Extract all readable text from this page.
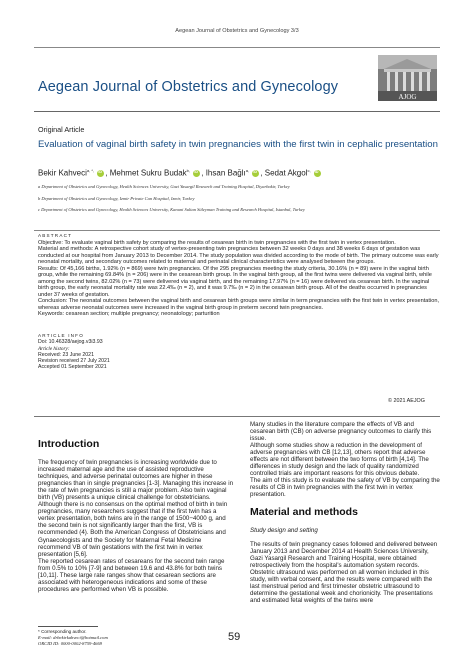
Aegean Journal of Obstetrics and Gynecology 3/3
Aegean Journal of Obstetrics and Gynecology
AJOG
Original Article
Evaluation of vaginal birth safety in twin pregnancies with the first twin in cephalic presentation
Bekir Kahveci$^{a, *,}$ iD , Mehmet Sukru Budak$^{b,}$ iD , Ihsan Bağlı$^{a,}$ iD , Sedat Akgol$^{c,}$ iD
a Department of Obstetrics and Gynecology, Health Sciences University, Gazi Yasargil Research and Training Hospital, Diyarbakir, Turkey
b Department of Obstetrics and Gynecology, Izmir Private Can Hospital, Izmir, Turkey
c Department of Obstetrics and Gynecology, Health Sciences University, Kanuni Sultan Süleyman Training and Research Hospital, Istanbul, Turkey
ABSTRACT

Objective: To evaluate vaginal birth safety by comparing the results of cesarean birth in twin pregnancies with the first twin in vertex presentation.

Material and methods: A retrospective cohort study of vertex-presenting twin pregnancies between 32 weeks 0 days and 38 weeks 6 days of gestation was conducted at our hospital from January 2013 to December 2014. The study population was divided according to the mode of birth. The primary outcome was early neonatal mortality, and secondary outcomes related to maternal and perinatal clinical characteristics were analysed between the groups.

Results: Of 45,166 births, 1.92% (n = 869) were twin pregnancies. Of the 295 pregnancies meeting the study criteria, 30.16% (n = 89) were in the vaginal birth group, while the remaining 69.84% (n = 206) were in the cesarean birth group. In the vaginal birth group, all the first twins were delivered via vaginal birth, while among the second twins, 82.02% (n = 73) were delivered via vaginal birth, and the remaining 17.97% (n = 16) were delivered via cesarean birth. In the vaginal birth group, the early neonatal mortality rate was 22.4‰ (n = 2), and it was 9.7‰ (n = 2) in the cesarean birth group. All of the deaths occurred in pregnancies under 37 weeks of gestation.

Conclusion: The neonatal outcomes between the vaginal birth and cesarean birth groups were similar in term pregnancies with the first twin in vertex presentation, whereas adverse neonatal outcomes were increased in the vaginal birth group in preterm second twin pregnancies.

Keywords: cesarean section; multiple pregnancy; neonatology; parturition

ARTICLE INFO
Doi: 10.46328/aejog.v3i3.93
Article history:
Received: 23 June 2021
Revision received 27 July 2021
Accepted 01 September 2021
© 2021 AEJOG
Introduction

The frequency of twin pregnancies is increasing worldwide due to increased maternal age and the use of assisted reproductive techniques, and adverse perinatal outcomes are higher in these pregnancies than in single pregnancies [1-3]. Managing this increase in the rate of twin pregnancies is still a major problem. Also twin vaginal birth (VB) presents a unique clinical challenge for obstetricians. Although there is no consensus on the optimal method of birth in twin pregnancies, many researchers suggest that if the first twin has a vertex presentation, both twins are in the range of 1500−4000 g, and the second twin is not significantly larger than the first, VB is recommended (4). Both the American Congress of Obstetricians and Gynaecologists and the Society for Maternal Fetal Medicine recommend VB of twin gestations with the first twin in vertex presentation [5,6].

The reported cesarean rates of cesareans for the second twin range from 0.5% to 10% [7-9] and between 19.6 and 43.8% for both twins [10,11]. These large rate ranges show that cesarean sections are associated with heterogeneous indications and some of these procedures are performed when VB is possible.

Many studies in the literature compare the effects of VB and cesarean birth (CB) on adverse pregnancy outcomes to clarify this issue.

Although some studies show a reduction in the development of adverse pregnancies with CB [12,13], others report that adverse effects are not different between the two forms of birth [4,14]. The differences in study design and the lack of quality randomized controlled trials are important reasons for this obvious debate.

The aim of this study is to evaluate the safety of VB by comparing the results of CB in twin pregnancies with the first twin in vertex presentation.

Material and methods
Study design and setting

The results of twin pregnancy cases followed and delivered between January 2013 and December 2014 at Health Sciences University, Gazi Yasargil Research and Training Hospital, were obtained retrospectively from the hospital's automation system records. Obstetric ultrasound was performed on all women included in this study, with verbal consent, and the results were compared with the last menstrual period and first trimester obstetric ultrasound to determine the gestational week and chorionicity. The presentations and estimated fetal weights of the twins were

* Corresponding author.
E-mail: drbekirkahveci@hotmail.com
ORCID ID: 0000-0002-8759-4669
59
